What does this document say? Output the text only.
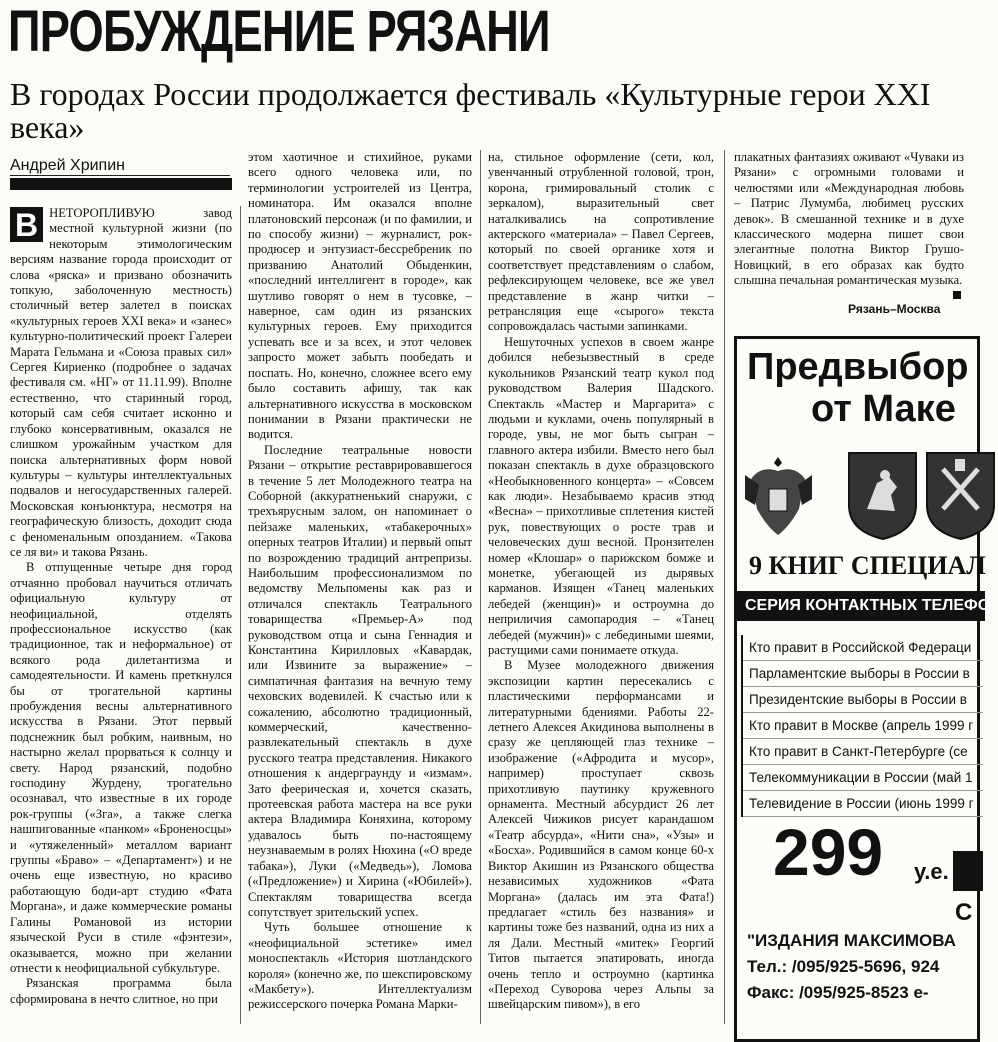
ПРОБУЖДЕНИЕ РЯЗАНИ
В городах России продолжается фестиваль «Культурные герои XXI века»
Андрей Хрипин
В НЕТОРОПЛИВУЮ завод местной культурной жизни (по некоторым этимологическим версиям название города происходит от слова «ряска» и призвано обозначить топкую, заболоченную местность) столичный ветер залетел в поисках «культурных героев XXI века» и «занес» культурно-политический проект Галереи Марата Гельмана и «Союза правых сил» Сергея Кириенко (подробнее о задачах фестиваля см. «НГ» от 11.11.99). Вполне естественно, что старинный город, который сам себя считает исконно и глубоко консервативным, оказался не слишком урожайным участком для поиска альтернативных форм новой культуры – культуры интеллектуальных подвалов и негосударственных галерей. Московская конъюнктура, несмотря на географическую близость, доходит сюда с феноменальным опозданием. «Такова се ля ви» и такова Рязань.

В отпущенные четыре дня город отчаянно пробовал научиться отличать официальную культуру от неофициальной, отделять профессиональное искусство (как традиционное, так и неформальное) от всякого рода дилетантизма и самодеятельности. И камень преткнулся бы от трогательной картины пробуждения весны альтернативного искусства в Рязани. Этот первый подснежник был робким, наивным, но настырно желал прорваться к солнцу и свету. Народ рязанский, подобно господину Журдену, трогательно осознавал, что известные в их городе рок-группы («Зга», а также слегка нашпигованные «панком» «Броненосцы» и «утяжеленный» металлом вариант группы «Браво» – «Департамент») и не очень еще известную, но красиво работающую боди-арт студию «Фата Моргана», и даже коммерческие романы Галины Романовой из истории языческой Руси в стиле «фэнтези», оказывается, можно при желании отнести к неофициальной субкультуре.

Рязанская программа была сформирована в нечто слитное, но при

этом хаотичное и стихийное, руками всего одного человека или, по терминологии устроителей из Центра, номинатора. Им оказался вполне платоновский персонаж (и по фамилии, и по способу жизни) – журналист, рок-продюсер и энтузиаст-бессребреник по призванию Анатолий Обыденкин, «последний интеллигент в городе», как шутливо говорят о нем в тусовке, – наверное, сам один из рязанских культурных героев. Ему приходится успевать все и за всех, и этот человек запросто может забыть пообедать и поспать. Но, конечно, сложнее всего ему было составить афишу, так как альтернативного искусства в московском понимании в Рязани практически не водится.

Последние театральные новости Рязани – открытие реставрировавшегося в течение 5 лет Молодежного театра на Соборной (аккуратненький снаружи, с трехъярусным залом, он напоминает о пейзаже маленьких, «табакерочных» оперных театров Италии) и первый опыт по возрождению традиций антрепризы. Наибольшим профессионализмом по ведомству Мельпомены как раз и отличался спектакль Театрального товарищества «Премьер-А» под руководством отца и сына Геннадия и Константина Кирилловых «Кавардак, или Извините за выражение» – симпатичная фантазия на вечную тему чеховских водевилей. К счастью или к сожалению, абсолютно традиционный, коммерческий, качественно-развлекательный спектакль в духе русского театра представления. Никакого отношения к андерграунду и «измам». Зато феерическая и, хочется сказать, протеевская работа мастера на все руки актера Владимира Коняхина, которому удавалось быть по-настоящему неузнаваемым в ролях Нюхина («О вреде табака»), Луки («Медведь»), Ломова («Предложение») и Хирина («Юбилей»). Спектаклям товарищества всегда сопутствует зрительский успех.

Чуть большее отношение к «неофициальной эстетике» имел моноспектакль «История шотландского короля» (конечно же, по шекспировскому «Макбету»). Интеллектуализм режиссерского почерка Романа Марки-

на, стильное оформление (сети, кол, увенчанный отрубленной головой, трон, корона, гримировальный столик с зеркалом), выразительный свет наталкивались на сопротивление актерского «материала» – Павел Сергеев, который по своей органике хотя и соответствует представлениям о слабом, рефлексирующем человеке, все же увел представление в жанр читки – ретрансляция еще «сырого» текста сопровождалась частыми запинками.

Нешуточных успехов в своем жанре добился небезызвестный в среде кукольников Рязанский театр кукол под руководством Валерия Шадского. Спектакль «Мастер и Маргарита» с людьми и куклами, очень популярный в городе, увы, не мог быть сыгран – главного актера избили. Вместо него был показан спектакль в духе образцовского «Необыкновенного концерта» – «Совсем как люди». Незабываемо красив этюд «Весна» – прихотливые сплетения кистей рук, повествующих о росте трав и человеческих душ весной. Пронзителен номер «Клошар» о парижском бомже и монетке, убегающей из дырявых карманов. Изящен «Танец маленьких лебедей (женщин)» и остроумна до неприличия самопародия – «Танец лебедей (мужчин)» с лебедиными шеями, растущими сами понимаете откуда.

В Музее молодежного движения экспозиции картин пересекались с пластическими перформансами и литературными бдениями. Работы 22-летнего Алексея Акидинова выполнены в сразу же цепляющей глаз технике – изображение («Афродита и мусор», например) проступает сквозь прихотливую паутинку кружевного орнамента. Местный абсурдист 26 лет Алексей Чижиков рисует карандашом «Театр абсурда», «Нити сна», «Узы» и «Босха». Родившийся в самом конце 60-х Виктор Акишин из Рязанского общества независимых художников «Фата Моргана» (далась им эта Фата!) предлагает «стиль без названия» и картины тоже без названий, одна из них а ля Дали. Местный «митек» Георгий Титов пытается эпатировать, иногда очень тепло и остроумно (картинка «Переход Суворова через Альпы за швейцарским пивом»), в его

плакатных фантазиях оживают «Чуваки из Рязани» с огромными головами и челюстями или «Международная любовь – Патрис Лумумба, любимец русских девок». В смешанной технике и в духе классического модерна пишет свои элегантные полотна Виктор Грушо-Новицкий, в его образах как будто слышна печальная романтическая музыка.

Рязань–Москва
Предвыбор
от Маке
9 КНИГ СПЕЦИАЛ
СЕРИЯ КОНТАКТНЫХ ТЕЛЕФО
Кто правит в Российской Федераци
Парламентские выборы в России в
Президентские выборы в России в
Кто правит в Москве (апрель 1999 г
Кто правит в Санкт-Петербурге (се
Телекоммуникации в России (май 1
Телевидение в России (июнь 1999 г
299 у.е.
С
"ИЗДАНИЯ МАКСИМОВА
Тел.: /095/925-5696, 924
Факс: /095/925-8523 е-
